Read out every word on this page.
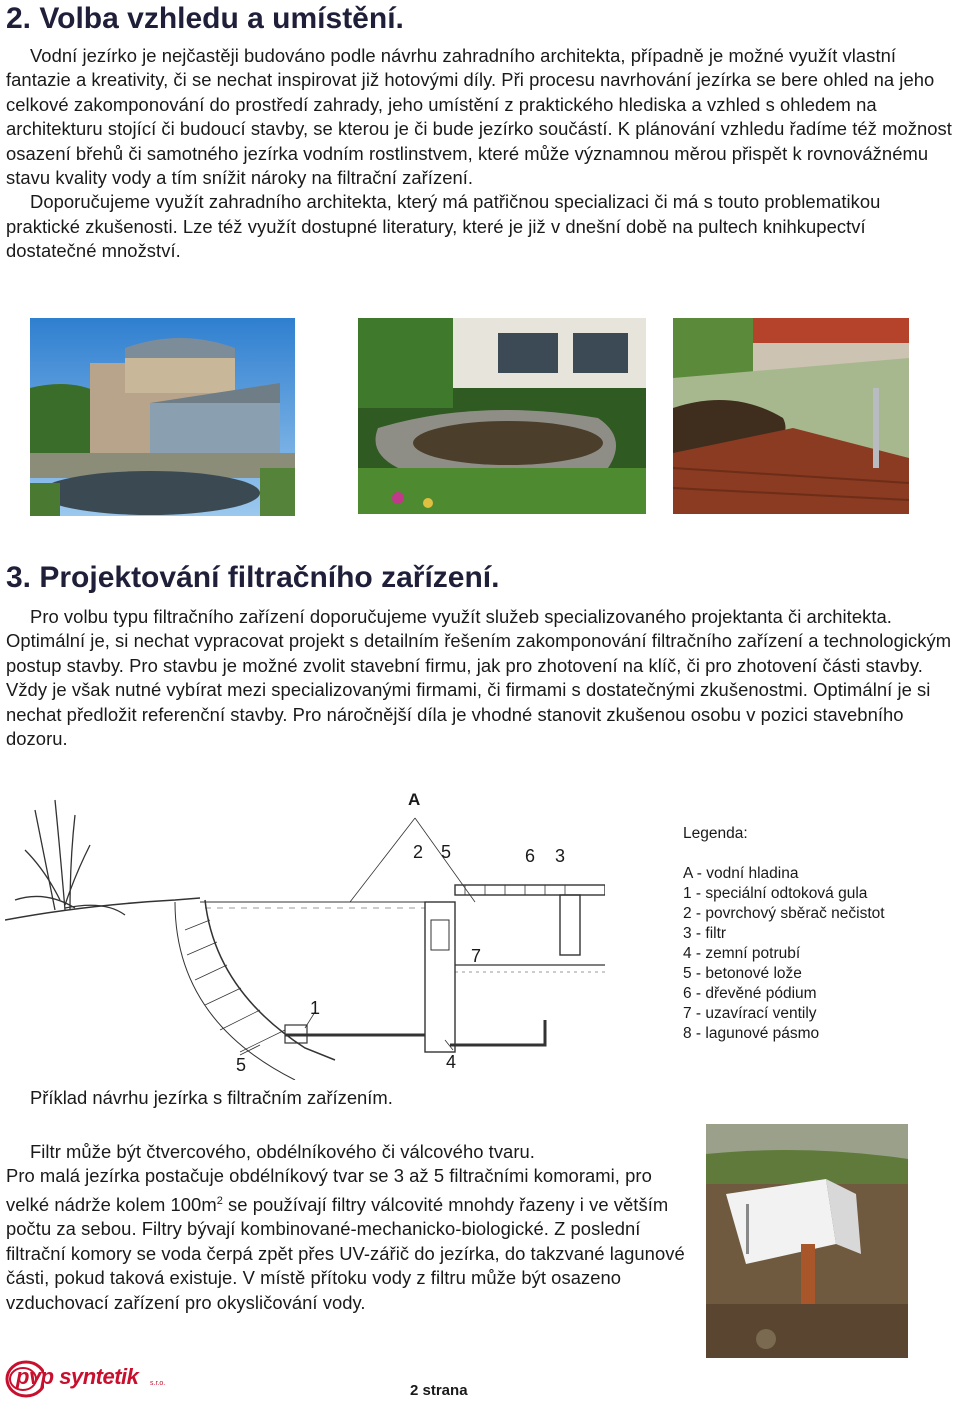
2. Volba vzhledu a umístění.

Vodní jezírko je nejčastěji budováno podle návrhu zahradního architekta, případně je možné využít vlastní fantazie a kreativity, či se nechat inspirovat již hotovými díly. Při procesu navrhování jezírka se bere ohled na jeho celkové zakomponování do prostředí zahrady, jeho umístění z praktického hlediska a vzhled s ohledem na architekturu stojící či budoucí stavby, se kterou je či bude jezírko součástí. K plánování vzhledu řadíme též možnost osazení břehů či samotného jezírka vodním rostlinstvem, které může významnou měrou přispět k rovnovážnému stavu kvality vody a tím snížit nároky na filtrační zařízení.

Doporučujeme využít zahradního architekta, který má patřičnou specializaci či má s touto problematikou praktické zkušenosti. Lze též využít dostupné literatury, které je již v dnešní době na pultech knihkupectví dostatečné množství.

3. Projektování filtračního zařízení.

Pro volbu typu filtračního zařízení doporučujeme využít služeb specializovaného projektanta či architekta. Optimální je, si nechat vypracovat projekt s detailním řešením zakomponování filtračního zařízení a technologickým postup stavby. Pro stavbu je možné zvolit stavební firmu, jak pro zhotovení na klíč, či pro zhotovení části stavby. Vždy je však nutné vybírat mezi specializovanými firmami, či firmami s dostatečnými zkušenostmi. Optimální je si nechat předložit referenční stavby. Pro náročnější díla je vhodné stanovit zkušenou osobu v pozici stavebního dozoru.

A
2 5	6 3
7
1
5	4
Legenda:
A - vodní hladina
1 - speciální odtoková gula
2 - povrchový sběrač nečistot
3 - filtr
4 - zemní potrubí
5 - betonové lože
6 - dřevěné pódium
7 - uzavírací ventily
8 - lagunové pásmo
Příklad návrhu jezírka s filtračním zařízením.

Filtr může být čtvercového, obdélníkového či válcového tvaru.
Pro malá jezírka postačuje obdélníkový tvar se 3 až 5 filtračními komorami, pro velké nádrže kolem $100m^2$ se používají filtry válcovité mnohdy řazeny i ve větším počtu za sebou. Filtry bývají kombinované-mechanicko-biologické. Z poslední filtrační komory se voda čerpá zpět přes UV-zářič do jezírka, do takzvané lagunové části, pokud taková existuje. V místě přítoku vody z filtru může být osazeno vzduchovací zařízení pro okysličování vody.

pvp syntetik s.r.o.	2 strana
